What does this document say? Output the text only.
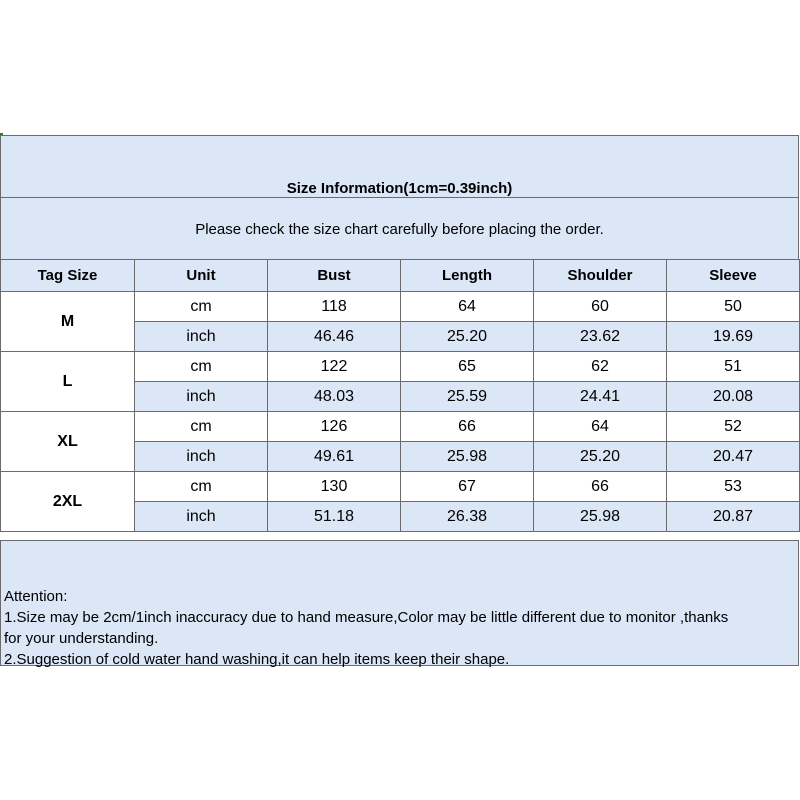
Size Information(1cm=0.39inch)
Please check the size chart carefully before placing the order.
Tag Size	Unit	Bust	Length	Shoulder	Sleeve
M	cm	118	64	60	50
	inch	46.46	25.20	23.62	19.69
L	cm	122	65	62	51
	inch	48.03	25.59	24.41	20.08
XL	cm	126	66	64	52
	inch	49.61	25.98	25.20	20.47
2XL	cm	130	67	66	53
	inch	51.18	26.38	25.98	20.87
Attention:
1.Size may be 2cm/1inch inaccuracy due to hand measure,Color may be little different due to monitor ,thanks
for your understanding.
2.Suggestion of cold water hand washing,it can help items keep their shape.
